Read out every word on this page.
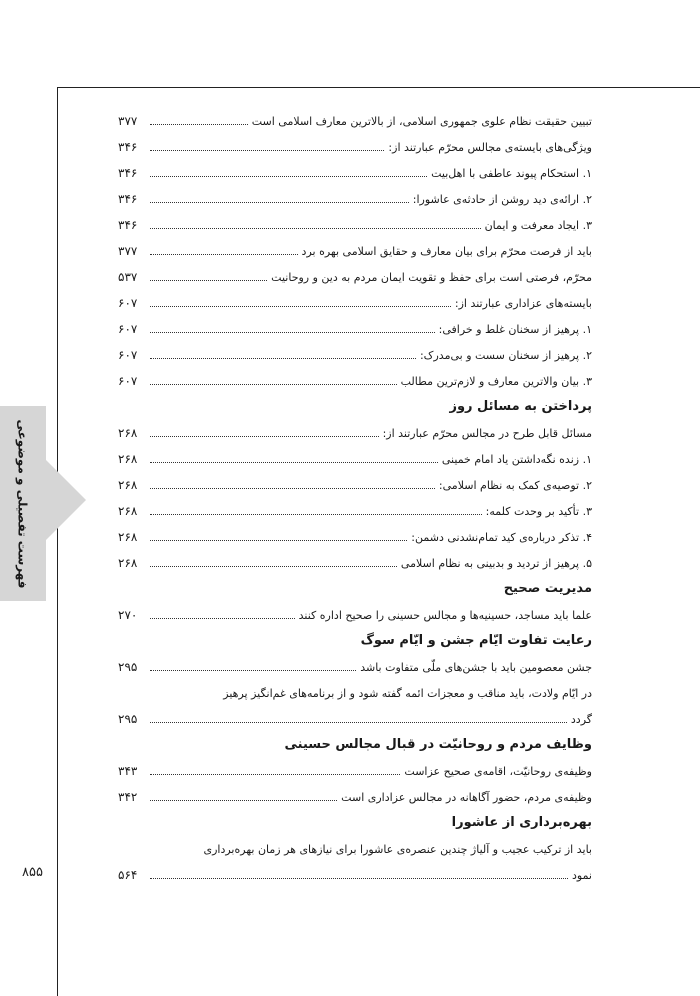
فهرست تفصیلی و موضوعی
۸۵۵
تبیین حقیقت نظام علوی جمهوری اسلامی، از بالاترین معارف اسلامی است
۳۷۷
ویژگی‌های بایسته‌ی مجالس محرّم عبارتند از:
۳۴۶
۱. استحکام پیوند عاطفی با اهل‌بیت
۳۴۶
۲. ارائه‌ی دید روشن از حادثه‌ی عاشورا:
۳۴۶
۳. ایجاد معرفت و ایمان
۳۴۶
باید از فرصت محرّم برای بیان معارف و حقایق اسلامی بهره برد
۳۷۷
محرّم، فرصتی است برای حفظ و تقویت ایمان مردم به دین و روحانیت
۵۳۷
بایسته‌های عزاداری عبارتند از:
۶۰۷
۱. پرهیز از سخنان غلط و خرافی:
۶۰۷
۲. پرهیز از سخنان سست و بی‌مدرک:
۶۰۷
۳. بیان والاترین معارف و لازم‌ترین مطالب
۶۰۷
پرداختن به مسائل روز
مسائل قابل طرح در مجالس محرّم عبارتند از:
۲۶۸
۱. زنده نگه‌داشتن یاد امام خمینی
۲۶۸
۲. توصیه‌ی کمک به نظام اسلامی:
۲۶۸
۳. تأکید بر وحدت کلمه:
۲۶۸
۴. تذکر درباره‌ی کید تمام‌نشدنی دشمن:
۲۶۸
۵. پرهیز از تردید و بدبینی به نظام اسلامی
۲۶۸
مدیریت صحیح
علما باید مساجد، حسینیه‌ها و مجالس حسینی را صحیح اداره کنند
۲۷۰
رعایت تفاوت ایّام جشن و ایّام سوگ
جشن معصومین باید با جشن‌های ملّی متفاوت باشد
۲۹۵
در ایّام ولادت، باید مناقب و معجزات ائمه گفته شود و از برنامه‌های غم‌انگیز پرهیز
گردد
۲۹۵
وظایف مردم و روحانیّت در قبال مجالس حسینی
وظیفه‌ی روحانیّت، اقامه‌ی صحیح عزاست
۳۴۳
وظیفه‌ی مردم، حضور آگاهانه در مجالس عزاداری است
۳۴۲
بهره‌برداری از عاشورا
باید از ترکیب عجیب و آلیاژ چندین عنصره‌ی عاشورا برای نیازهای هر زمان بهره‌برداری
نمود
۵۶۴
